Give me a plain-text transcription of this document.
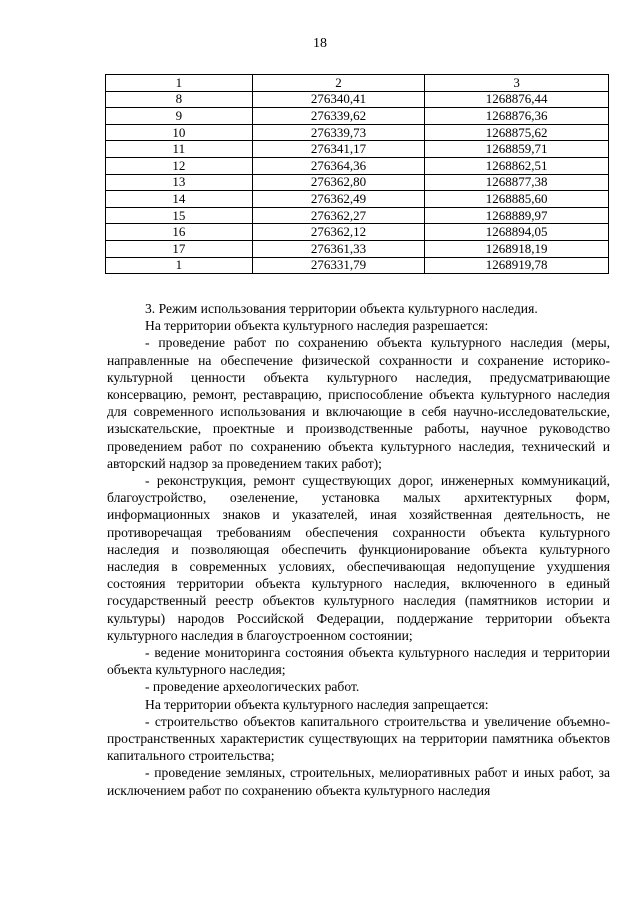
18
1	2	3
8	276340,41	1268876,44
9	276339,62	1268876,36
10	276339,73	1268875,62
11	276341,17	1268859,71
12	276364,36	1268862,51
13	276362,80	1268877,38
14	276362,49	1268885,60
15	276362,27	1268889,97
16	276362,12	1268894,05
17	276361,33	1268918,19
1	276331,79	1268919,78

3. Режим использования территории объекта культурного наследия.

На территории объекта культурного наследия разрешается:

- проведение работ по сохранению объекта культурного наследия (меры, направленные на обеспечение физической сохранности и сохранение историко-культурной ценности объекта культурного наследия, предусматривающие консервацию, ремонт, реставрацию, приспособление объекта культурного наследия для современного использования и включающие в себя научно-исследовательские, изыскательские, проектные и производственные работы, научное руководство проведением работ по сохранению объекта культурного наследия, технический и авторский надзор за проведением таких работ);

- реконструкция, ремонт существующих дорог, инженерных коммуникаций, благоустройство, озеленение, установка малых архитектурных форм, информационных знаков и указателей, иная хозяйственная деятельность, не противоречащая требованиям обеспечения сохранности объекта культурного наследия и позволяющая обеспечить функционирование объекта культурного наследия в современных условиях, обеспечивающая недопущение ухудшения состояния территории объекта культурного наследия, включенного в единый государственный реестр объектов культурного наследия (памятников истории и культуры) народов Российской Федерации, поддержание территории объекта культурного наследия в благоустроенном состоянии;

- ведение мониторинга состояния объекта культурного наследия и территории объекта культурного наследия;

- проведение археологических работ.

На территории объекта культурного наследия запрещается:

- строительство объектов капитального строительства и увеличение объемно-пространственных характеристик существующих на территории памятника объектов капитального строительства;

- проведение земляных, строительных, мелиоративных работ и иных работ, за исключением работ по сохранению объекта культурного наследия
